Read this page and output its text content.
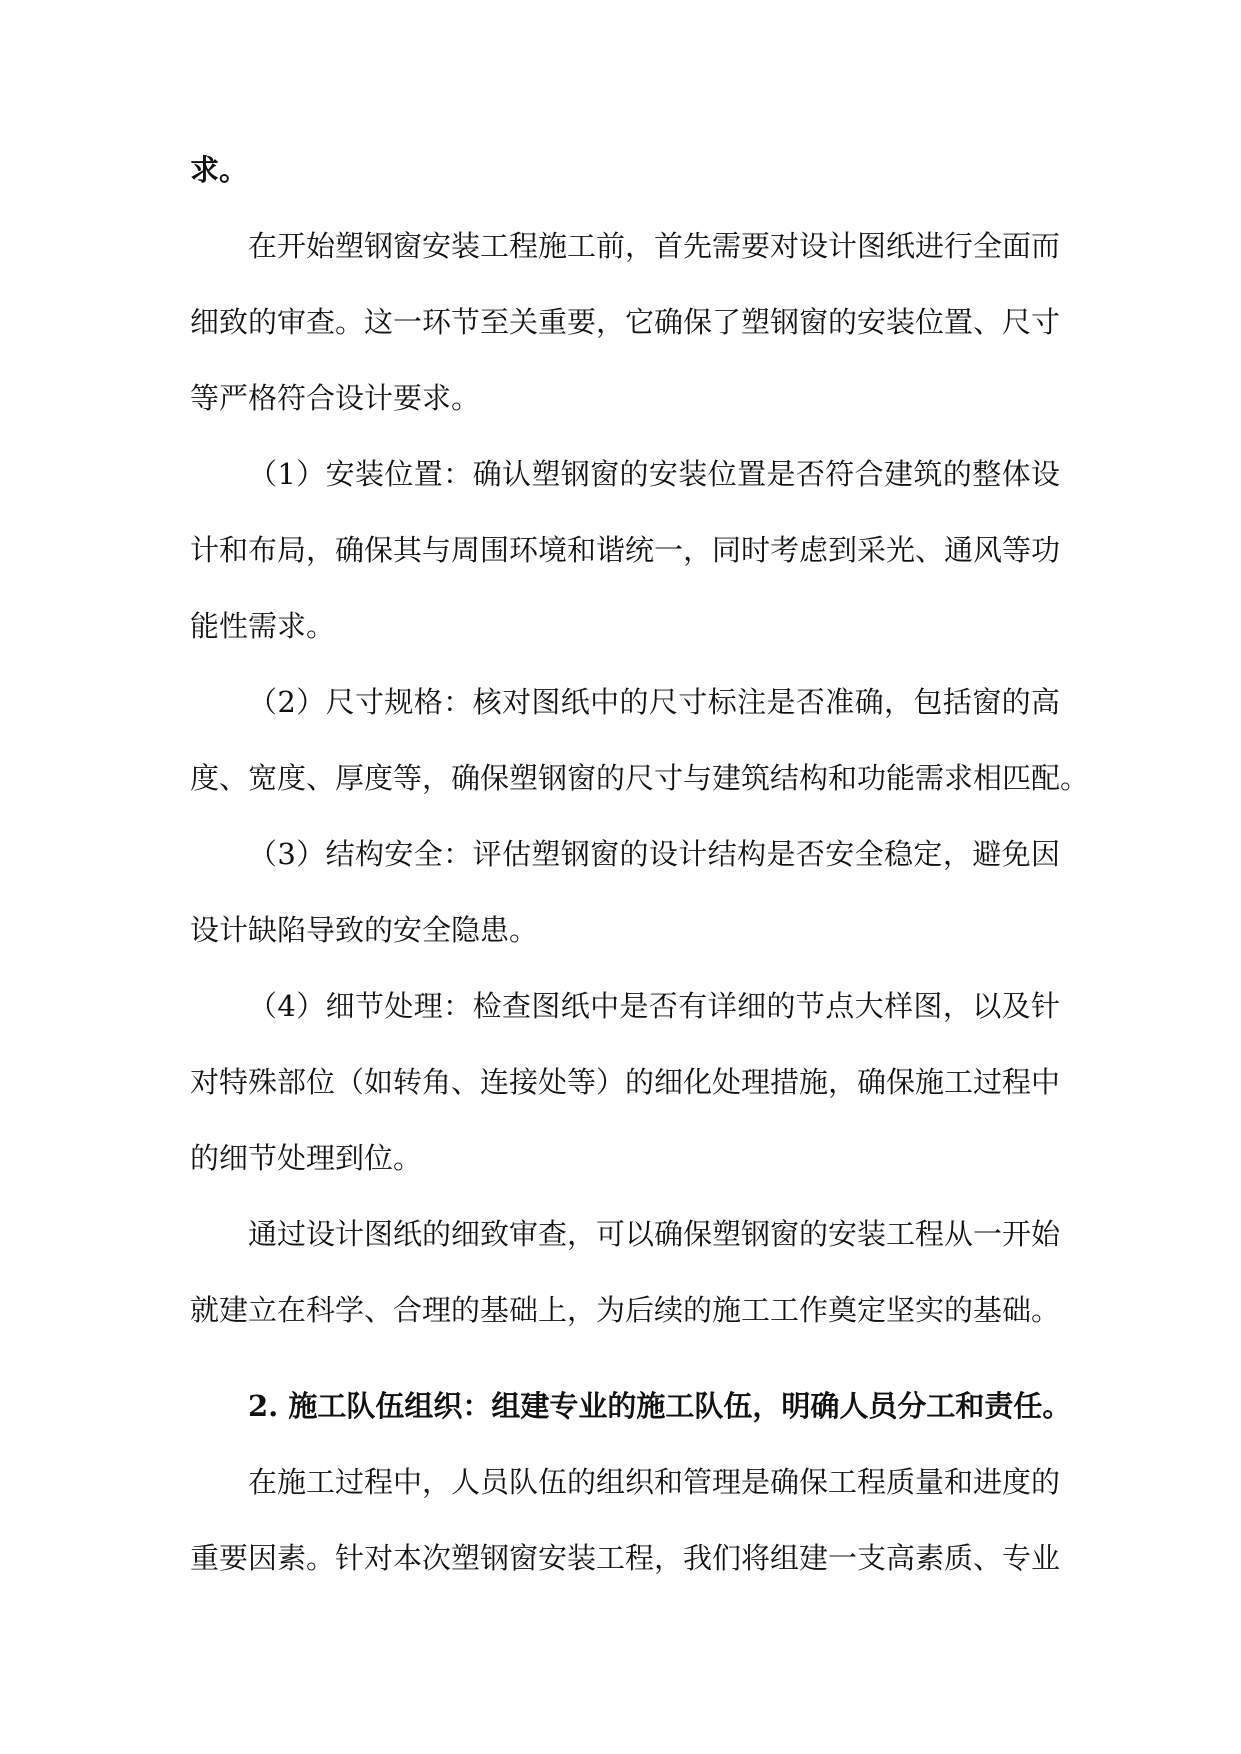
求。
在开始塑钢窗安装工程施工前，首先需要对设计图纸进行全面而
细致的审查。这一环节至关重要，它确保了塑钢窗的安装位置、尺寸
等严格符合设计要求。
（1）安装位置：确认塑钢窗的安装位置是否符合建筑的整体设
计和布局，确保其与周围环境和谐统一，同时考虑到采光、通风等功
能性需求。
（2）尺寸规格：核对图纸中的尺寸标注是否准确，包括窗的高
度、宽度、厚度等，确保塑钢窗的尺寸与建筑结构和功能需求相匹配。
（3）结构安全：评估塑钢窗的设计结构是否安全稳定，避免因
设计缺陷导致的安全隐患。
（4）细节处理：检查图纸中是否有详细的节点大样图，以及针
对特殊部位（如转角、连接处等）的细化处理措施，确保施工过程中
的细节处理到位。
通过设计图纸的细致审查，可以确保塑钢窗的安装工程从一开始
就建立在科学、合理的基础上，为后续的施工工作奠定坚实的基础。
2. 施工队伍组织：组建专业的施工队伍，明确人员分工和责任。
在施工过程中，人员队伍的组织和管理是确保工程质量和进度的
重要因素。针对本次塑钢窗安装工程，我们将组建一支高素质、专业
